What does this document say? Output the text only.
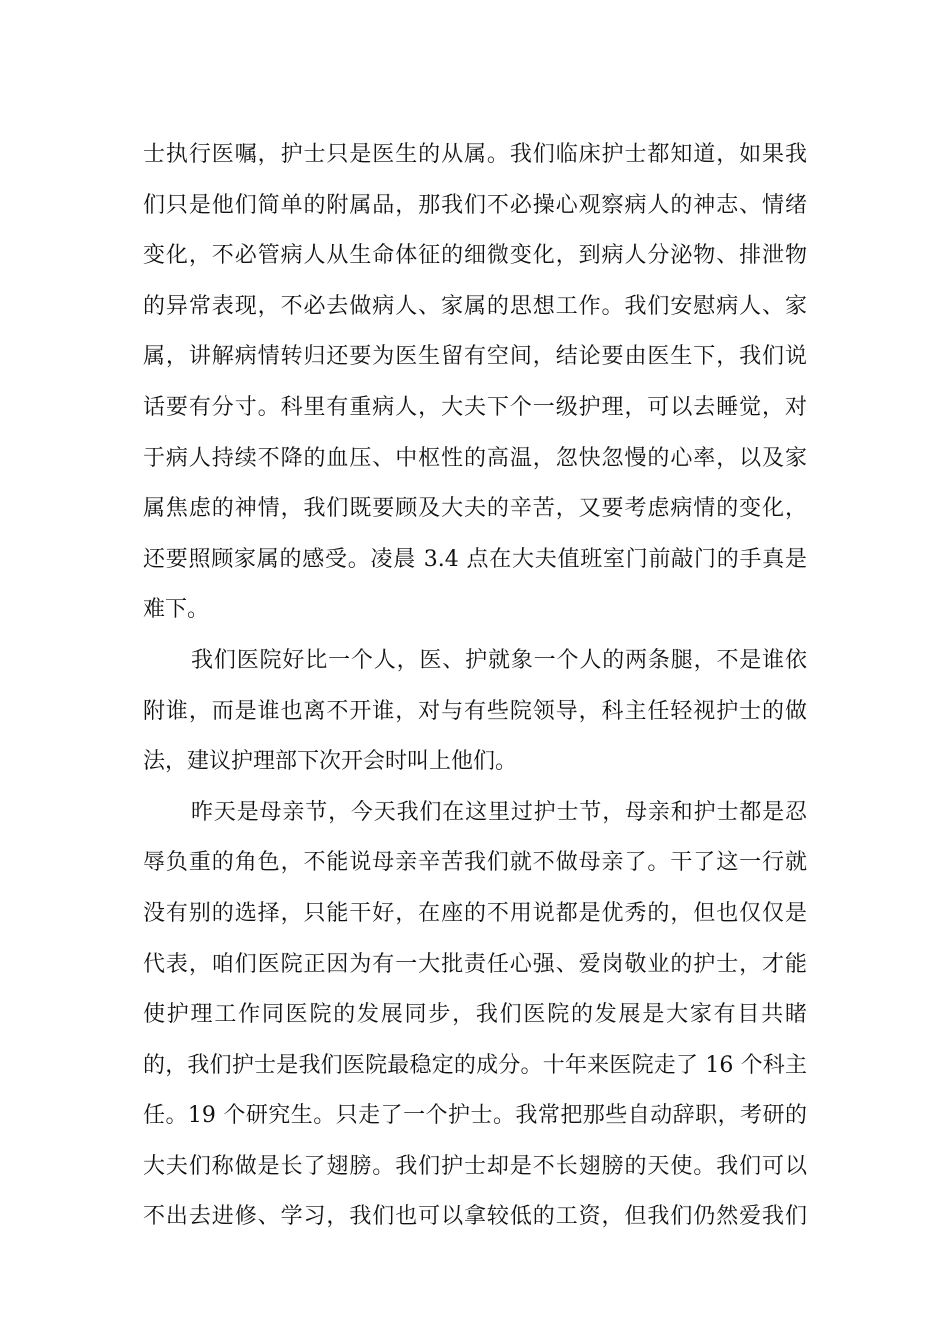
士执行医嘱，护士只是医生的从属。我们临床护士都知道，如果我
们只是他们简单的附属品，那我们不必操心观察病人的神志、情绪
变化，不必管病人从生命体征的细微变化，到病人分泌物、排泄物
的异常表现，不必去做病人、家属的思想工作。我们安慰病人、家
属，讲解病情转归还要为医生留有空间，结论要由医生下，我们说
话要有分寸。科里有重病人，大夫下个一级护理，可以去睡觉，对
于病人持续不降的血压、中枢性的高温，忽快忽慢的心率，以及家
属焦虑的神情，我们既要顾及大夫的辛苦，又要考虑病情的变化，
还要照顾家属的感受。凌晨 3.4 点在大夫值班室门前敲门的手真是
难下。
我们医院好比一个人，医、护就象一个人的两条腿，不是谁依
附谁，而是谁也离不开谁，对与有些院领导，科主任轻视护士的做
法，建议护理部下次开会时叫上他们。
昨天是母亲节，今天我们在这里过护士节，母亲和护士都是忍
辱负重的角色，不能说母亲辛苦我们就不做母亲了。干了这一行就
没有别的选择，只能干好，在座的不用说都是优秀的，但也仅仅是
代表，咱们医院正因为有一大批责任心强、爱岗敬业的护士，才能
使护理工作同医院的发展同步，我们医院的发展是大家有目共睹
的，我们护士是我们医院最稳定的成分。十年来医院走了 16 个科主
任。19 个研究生。只走了一个护士。我常把那些自动辞职，考研的
大夫们称做是长了翅膀。我们护士却是不长翅膀的天使。我们可以
不出去进修、学习，我们也可以拿较低的工资，但我们仍然爱我们
